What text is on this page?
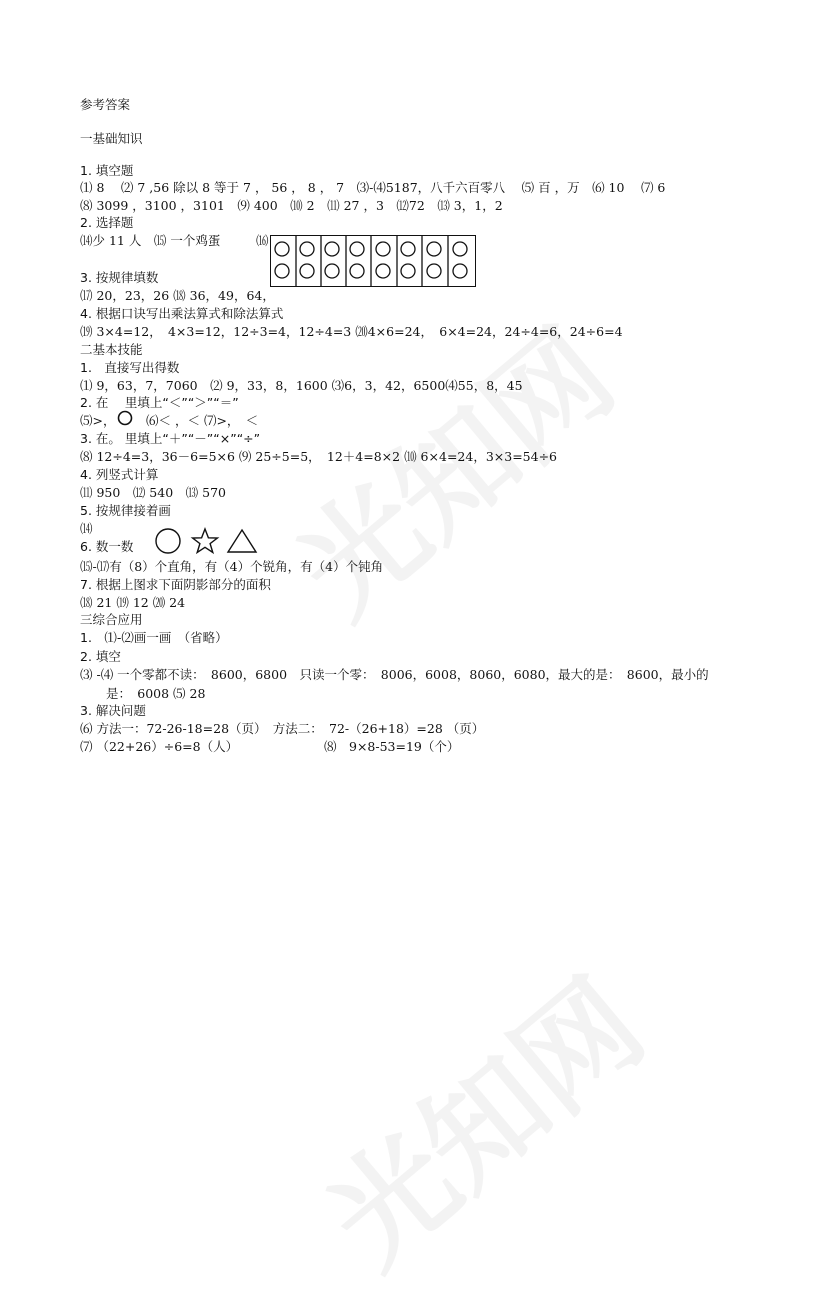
参考答案
一基础知识
1. 填空题
⑴ 8　 ⑵ 7 ,56 除以 8 等于 7 ， 56 ， 8 ， 7　⑶-⑷5187，八千六百零八　 ⑸ 百 ，万　⑹ 10　 ⑺ 6
⑻ 3099 ，3100 ，3101　⑼ 400　⑽ 2　⑾ 27 ，3　⑿72　⒀ 3，1，2
2. 选择题
⒁少 11 人　⒂ 一个鸡蛋	⒃
3. 按规律填数
⒄ 20，23，26 ⒅ 36，49，64，
4. 根据口诀写出乘法算式和除法算式
⒆ 3×4=12，　4×3=12，12÷3=4，12÷4=3 ⒇4×6=24，　6×4=24，24÷4=6，24÷6=4
二基本技能
1.　直接写出得数
⑴ 9，63，7，7060　⑵ 9，33，8，1600 ⑶6，3，42，6500⑷55，8，45
2. 在　 里填上“＜”“＞”“＝”
⑸>， ⑹＜ ，＜ ⑺>，　＜
3. 在。 里填上“＋”“－”“×”“÷”
⑻ 12÷4=3，36－6=5×6 ⑼ 25÷5=5，　12＋4=8×2 ⑽ 6×4=24，3×3=54÷6
4. 列竖式计算
⑾ 950　⑿ 540　⒀ 570
5. 按规律接着画
⒁
6. 数一数
⒂-⒄有（8）个直角，有（4）个锐角，有（4）个钝角
7. 根据上图求下面阴影部分的面积
⒅ 21 ⒆ 12 ⒇ 24
三综合应用
1.　⑴-⑵画一画　（省略）
2. 填空
⑶ -⑷ 一个零都不读：　8600，6800　只读一个零：　8006，6008，8060，6080，最大的是：　8600，最小的
是：　6008 ⑸ 28
3. 解决问题
⑹ 方法一：72-26-18=28（页）　方法二：　72-（26+18）=28 （页）
⑺ （22+26）÷6=8（人）	⑻　9×8-53=19（个）
